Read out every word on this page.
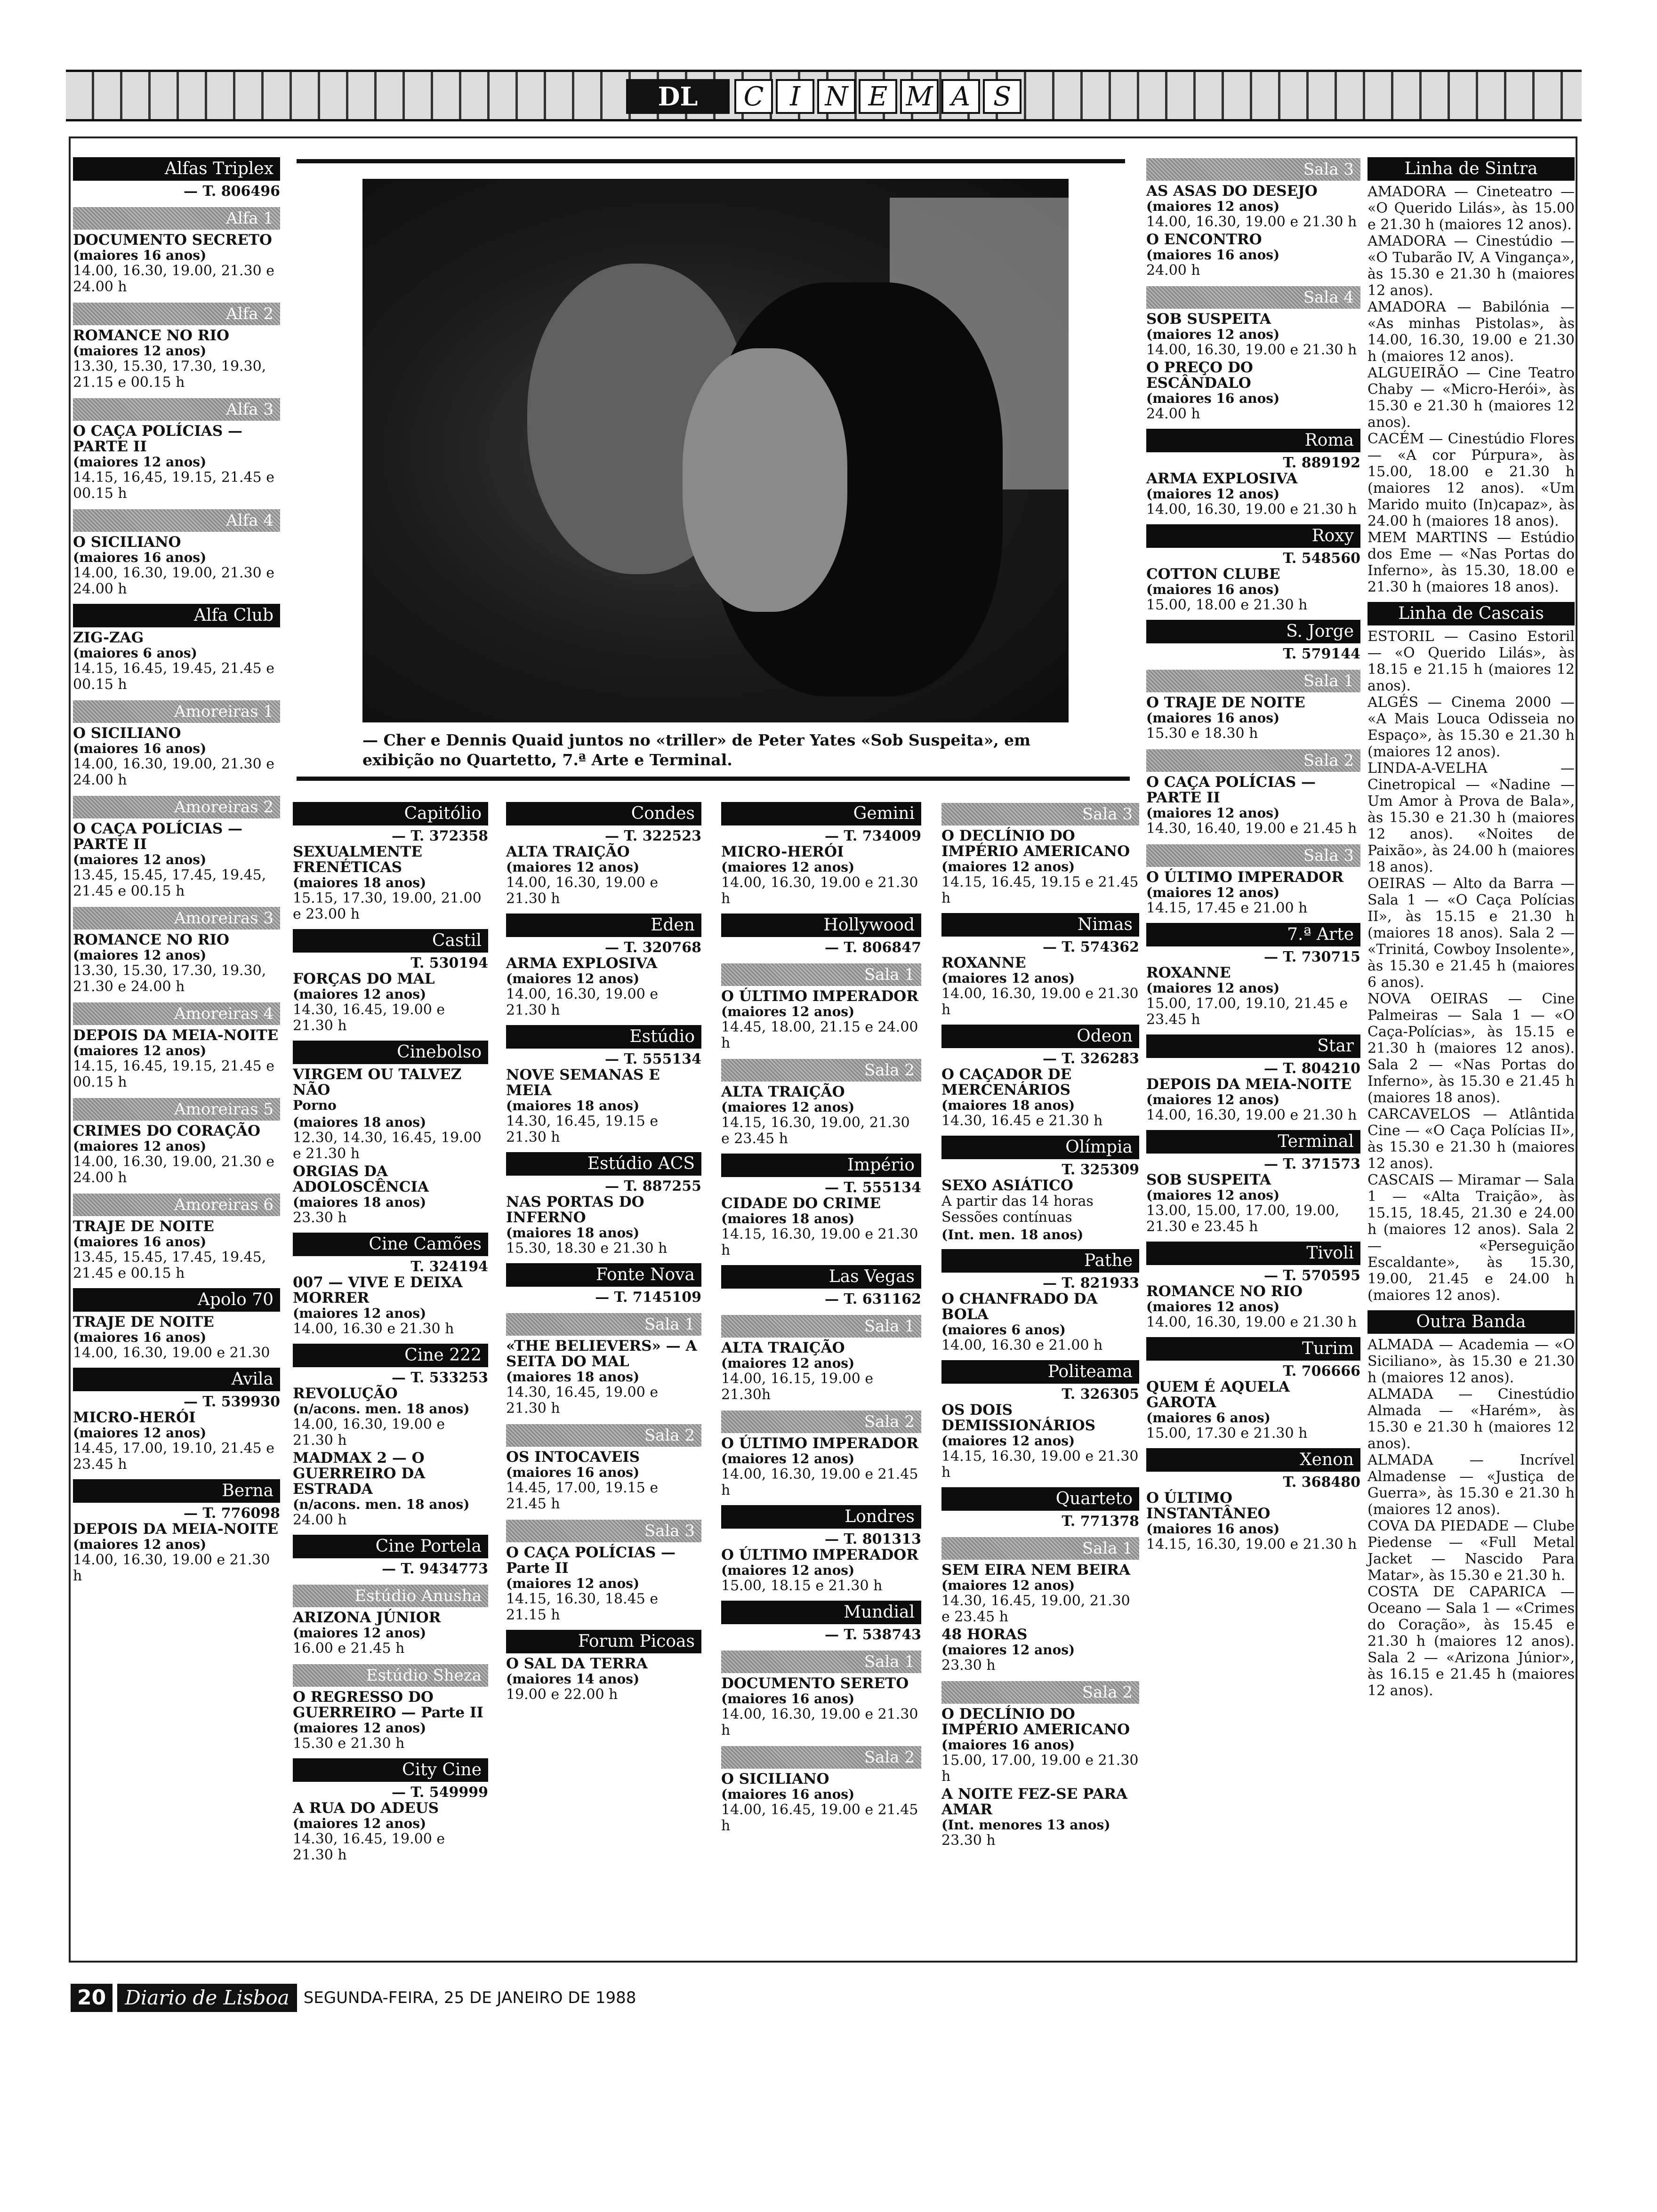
DL	C I N E M A S
Alfas Triplex
— T. 806496
Alfa 1
DOCUMENTO SECRETO
(maiores 16 anos)
14.00, 16.30, 19.00, 21.30 e 24.00 h
Alfa 2
ROMANCE NO RIO
(maiores 12 anos)
13.30, 15.30, 17.30, 19.30, 21.15 e 00.15 h
Alfa 3
O CAÇA POLÍCIAS — PARTE II
(maiores 12 anos)
14.15, 16,45, 19.15, 21.45 e 00.15 h
Alfa 4
O SICILIANO
(maiores 16 anos)
14.00, 16.30, 19.00, 21.30 e 24.00 h
Alfa Club
ZIG-ZAG
(maiores 6 anos)
14.15, 16.45, 19.45, 21.45 e 00.15 h
Amoreiras 1
O SICILIANO
(maiores 16 anos)
14.00, 16.30, 19.00, 21.30 e 24.00 h
Amoreiras 2
O CAÇA POLÍCIAS — PARTE II
(maiores 12 anos)
13.45, 15.45, 17.45, 19.45, 21.45 e 00.15 h
Amoreiras 3
ROMANCE NO RIO
(maiores 12 anos)
13.30, 15.30, 17.30, 19.30, 21.30 e 24.00 h
Amoreiras 4
DEPOIS DA MEIA-NOITE
(maiores 12 anos)
14.15, 16.45, 19.15, 21.45 e 00.15 h
Amoreiras 5
CRIMES DO CORAÇÃO
(maiores 12 anos)
14.00, 16.30, 19.00, 21.30 e 24.00 h
Amoreiras 6
TRAJE DE NOITE
(maiores 16 anos)
13.45, 15.45, 17.45, 19.45, 21.45 e 00.15 h
Apolo 70
TRAJE DE NOITE
(maiores 16 anos)
14.00, 16.30, 19.00 e 21.30
Avila
— T. 539930
MICRO-HERÓI
(maiores 12 anos)
14.45, 17.00, 19.10, 21.45 e 23.45 h
Berna
— T. 776098
DEPOIS DA MEIA-NOITE
(maiores 12 anos)
14.00, 16.30, 19.00 e 21.30 h
— Cher e Dennis Quaid juntos no «triller» de Peter Yates «Sob Suspeita», em exibição no Quartetto, 7.ª Arte e Terminal.
Capitólio
— T. 372358
SEXUALMENTE FRENÉTICAS
(maiores 18 anos)
15.15, 17.30, 19.00, 21.00 e 23.00 h
Castil
T. 530194
FORÇAS DO MAL
(maiores 12 anos)
14.30, 16.45, 19.00 e 21.30 h
Cinebolso
VIRGEM OU TALVEZ NÃO
Porno
(maiores 18 anos)
12.30, 14.30, 16.45, 19.00 e 21.30 h
ORGIAS DA ADOLOSCÊNCIA
(maiores 18 anos)
23.30 h
Cine Camões
T. 324194
007 — VIVE E DEIXA MORRER
(maiores 12 anos)
14.00, 16.30 e 21.30 h
Cine 222
— T. 533253
REVOLUÇÃO
(n/acons. men. 18 anos)
14.00, 16.30, 19.00 e 21.30 h
MADMAX 2 — O GUERREIRO DA ESTRADA
(n/acons. men. 18 anos)
24.00 h
Cine Portela
— T. 9434773
Estúdio Anusha
ARIZONA JÚNIOR
(maiores 12 anos)
16.00 e 21.45 h
Estúdio Sheza
O REGRESSO DO GUERREIRO — Parte II
(maiores 12 anos)
15.30 e 21.30 h
City Cine
— T. 549999
A RUA DO ADEUS
(maiores 12 anos)
14.30, 16.45, 19.00 e 21.30 h
Condes
— T. 322523
ALTA TRAIÇÃO
(maiores 12 anos)
14.00, 16.30, 19.00 e 21.30 h
Eden
— T. 320768
ARMA EXPLOSIVA
(maiores 12 anos)
14.00, 16.30, 19.00 e 21.30 h
Estúdio
— T. 555134
NOVE SEMANAS E MEIA
(maiores 18 anos)
14.30, 16.45, 19.15 e 21.30 h
Estúdio ACS
— T. 887255
NAS PORTAS DO INFERNO
(maiores 18 anos)
15.30, 18.30 e 21.30 h
Fonte Nova
— T. 7145109
Sala 1
«THE BELIEVERS» — A SEITA DO MAL
(maiores 18 anos)
14.30, 16.45, 19.00 e 21.30 h
Sala 2
OS INTOCAVEIS
(maiores 16 anos)
14.45, 17.00, 19.15 e 21.45 h
Sala 3
O CAÇA POLÍCIAS — Parte II
(maiores 12 anos)
14.15, 16.30, 18.45 e 21.15 h
Forum Picoas
O SAL DA TERRA
(maiores 14 anos)
19.00 e 22.00 h
Gemini
— T. 734009
MICRO-HERÓI
(maiores 12 anos)
14.00, 16.30, 19.00 e 21.30 h
Hollywood
— T. 806847
Sala 1
O ÚLTIMO IMPERADOR
(maiores 12 anos)
14.45, 18.00, 21.15 e 24.00 h
Sala 2
ALTA TRAIÇÃO
(maiores 12 anos)
14.15, 16.30, 19.00, 21.30 e 23.45 h
Império
— T. 555134
CIDADE DO CRIME
(maiores 18 anos)
14.15, 16.30, 19.00 e 21.30 h
Las Vegas
— T. 631162
Sala 1
ALTA TRAIÇÃO
(maiores 12 anos)
14.00, 16.15, 19.00 e 21.30h
Sala 2
O ÚLTIMO IMPERADOR
(maiores 12 anos)
14.00, 16.30, 19.00 e 21.45 h
Londres
— T. 801313
O ÚLTIMO IMPERADOR
(maiores 12 anos)
15.00, 18.15 e 21.30 h
Mundial
— T. 538743
Sala 1
DOCUMENTO SERETO
(maiores 16 anos)
14.00, 16.30, 19.00 e 21.30 h
Sala 2
O SICILIANO
(maiores 16 anos)
14.00, 16.45, 19.00 e 21.45 h
Sala 3
O DECLÍNIO DO IMPÉRIO AMERICANO
(maiores 12 anos)
14.15, 16.45, 19.15 e 21.45 h
Nimas
— T. 574362
ROXANNE
(maiores 12 anos)
14.00, 16.30, 19.00 e 21.30 h
Odeon
— T. 326283
O CAÇADOR DE MERCENÁRIOS
(maiores 18 anos)
14.30, 16.45 e 21.30 h
Olímpia
T. 325309
SEXO ASIÁTICO
A partir das 14 horas Sessões contínuas
(Int. men. 18 anos)
Pathe
— T. 821933
O CHANFRADO DA BOLA
(maiores 6 anos)
14.00, 16.30 e 21.00 h
Politeama
T. 326305
OS DOIS DEMISSIONÁRIOS
(maiores 12 anos)
14.15, 16.30, 19.00 e 21.30 h
Quarteto
T. 771378
Sala 1
SEM EIRA NEM BEIRA
(maiores 12 anos)
14.30, 16.45, 19.00, 21.30 e 23.45 h
48 HORAS
(maiores 12 anos)
23.30 h
Sala 2
O DECLÍNIO DO IMPÉRIO AMERICANO
(maiores 16 anos)
15.00, 17.00, 19.00 e 21.30 h
A NOITE FEZ-SE PARA AMAR
(Int. menores 13 anos)
23.30 h
Sala 3
AS ASAS DO DESEJO
(maiores 12 anos)
14.00, 16.30, 19.00 e 21.30 h
O ENCONTRO
(maiores 16 anos)
24.00 h
Sala 4
SOB SUSPEITA
(maiores 12 anos)
14.00, 16.30, 19.00 e 21.30 h
O PREÇO DO ESCÂNDALO
(maiores 16 anos)
24.00 h
Roma
T. 889192
ARMA EXPLOSIVA
(maiores 12 anos)
14.00, 16.30, 19.00 e 21.30 h
Roxy
T. 548560
COTTON CLUBE
(maiores 16 anos)
15.00, 18.00 e 21.30 h
S. Jorge
T. 579144
Sala 1
O TRAJE DE NOITE
(maiores 16 anos)
15.30 e 18.30 h
Sala 2
O CAÇA POLÍCIAS — PARTE II
(maiores 12 anos)
14.30, 16.40, 19.00 e 21.45 h
Sala 3
O ÚLTIMO IMPERADOR
(maiores 12 anos)
14.15, 17.45 e 21.00 h
7.ª Arte
— T. 730715
ROXANNE
(maiores 12 anos)
15.00, 17.00, 19.10, 21.45 e 23.45 h
Star
— T. 804210
DEPOIS DA MEIA-NOITE
(maiores 12 anos)
14.00, 16.30, 19.00 e 21.30 h
Terminal
— T. 371573
SOB SUSPEITA
(maiores 12 anos)
13.00, 15.00, 17.00, 19.00, 21.30 e 23.45 h
Tivoli
— T. 570595
ROMANCE NO RIO
(maiores 12 anos)
14.00, 16.30, 19.00 e 21.30 h
Turim
T. 706666
QUEM É AQUELA GAROTA
(maiores 6 anos)
15.00, 17.30 e 21.30 h
Xenon
T. 368480
O ÚLTIMO INSTANTÂNEO
(maiores 16 anos)
14.15, 16.30, 19.00 e 21.30 h
Linha de Sintra

AMADORA — Cineteatro — «O Querido Lilás», às 15.00 e 21.30 h (maiores 12 anos).

AMADORA — Cinestúdio — «O Tubarão IV, A Vingança», às 15.30 e 21.30 h (maiores 12 anos).

AMADORA — Babilónia — «As minhas Pistolas», às 14.00, 16.30, 19.00 e 21.30 h (maiores 12 anos).

ALGUEIRÃO — Cine Teatro Chaby — «Micro-Herói», às 15.30 e 21.30 h (maiores 12 anos).

CACÉM — Cinestúdio Flores — «A cor Púrpura», às 15.00, 18.00 e 21.30 h (maiores 12 anos). «Um Marido muito (In)capaz», às 24.00 h (maiores 18 anos).

MEM MARTINS — Estúdio dos Eme — «Nas Portas do Inferno», às 15.30, 18.00 e 21.30 h (maiores 18 anos).

Linha de Cascais

ESTORIL — Casino Estoril — «O Querido Lilás», às 18.15 e 21.15 h (maiores 12 anos).

ALGÉS — Cinema 2000 — «A Mais Louca Odisseia no Espaço», às 15.30 e 21.30 h (maiores 12 anos).

LINDA-A-VELHA — Cinetropical — «Nadine — Um Amor à Prova de Bala», às 15.30 e 21.30 h (maiores 12 anos). «Noites de Paixão», às 24.00 h (maiores 18 anos).

OEIRAS — Alto da Barra — Sala 1 — «O Caça Polícias II», às 15.15 e 21.30 h (maiores 18 anos). Sala 2 — «Trinitá, Cowboy Insolente», às 15.30 e 21.45 h (maiores 6 anos).

NOVA OEIRAS — Cine Palmeiras — Sala 1 — «O Caça-Polícias», às 15.15 e 21.30 h (maiores 12 anos). Sala 2 — «Nas Portas do Inferno», às 15.30 e 21.45 h (maiores 18 anos).

CARCAVELOS — Atlântida Cine — «O Caça Polícias II», às 15.30 e 21.30 h (maiores 12 anos).

CASCAIS — Miramar — Sala 1 — «Alta Traição», às 15.15, 18.45, 21.30 e 24.00 h (maiores 12 anos). Sala 2 — «Perseguição Escaldante», às 15.30, 19.00, 21.45 e 24.00 h (maiores 12 anos).

Outra Banda

ALMADA — Academia — «O Siciliano», às 15.30 e 21.30 h (maiores 12 anos).

ALMADA — Cinestúdio Almada — «Harém», às 15.30 e 21.30 h (maiores 12 anos).

ALMADA — Incrível Almadense — «Justiça de Guerra», às 15.30 e 21.30 h (maiores 12 anos).

COVA DA PIEDADE — Clube Piedense — «Full Metal Jacket — Nascido Para Matar», às 15.30 e 21.30 h.

COSTA DE CAPARICA — Oceano — Sala 1 — «Crimes do Coração», às 15.45 e 21.30 h (maiores 12 anos). Sala 2 — «Arizona Júnior», às 16.15 e 21.45 h (maiores 12 anos).

20 Diario de Lisboa SEGUNDA-FEIRA, 25 DE JANEIRO DE 1988
